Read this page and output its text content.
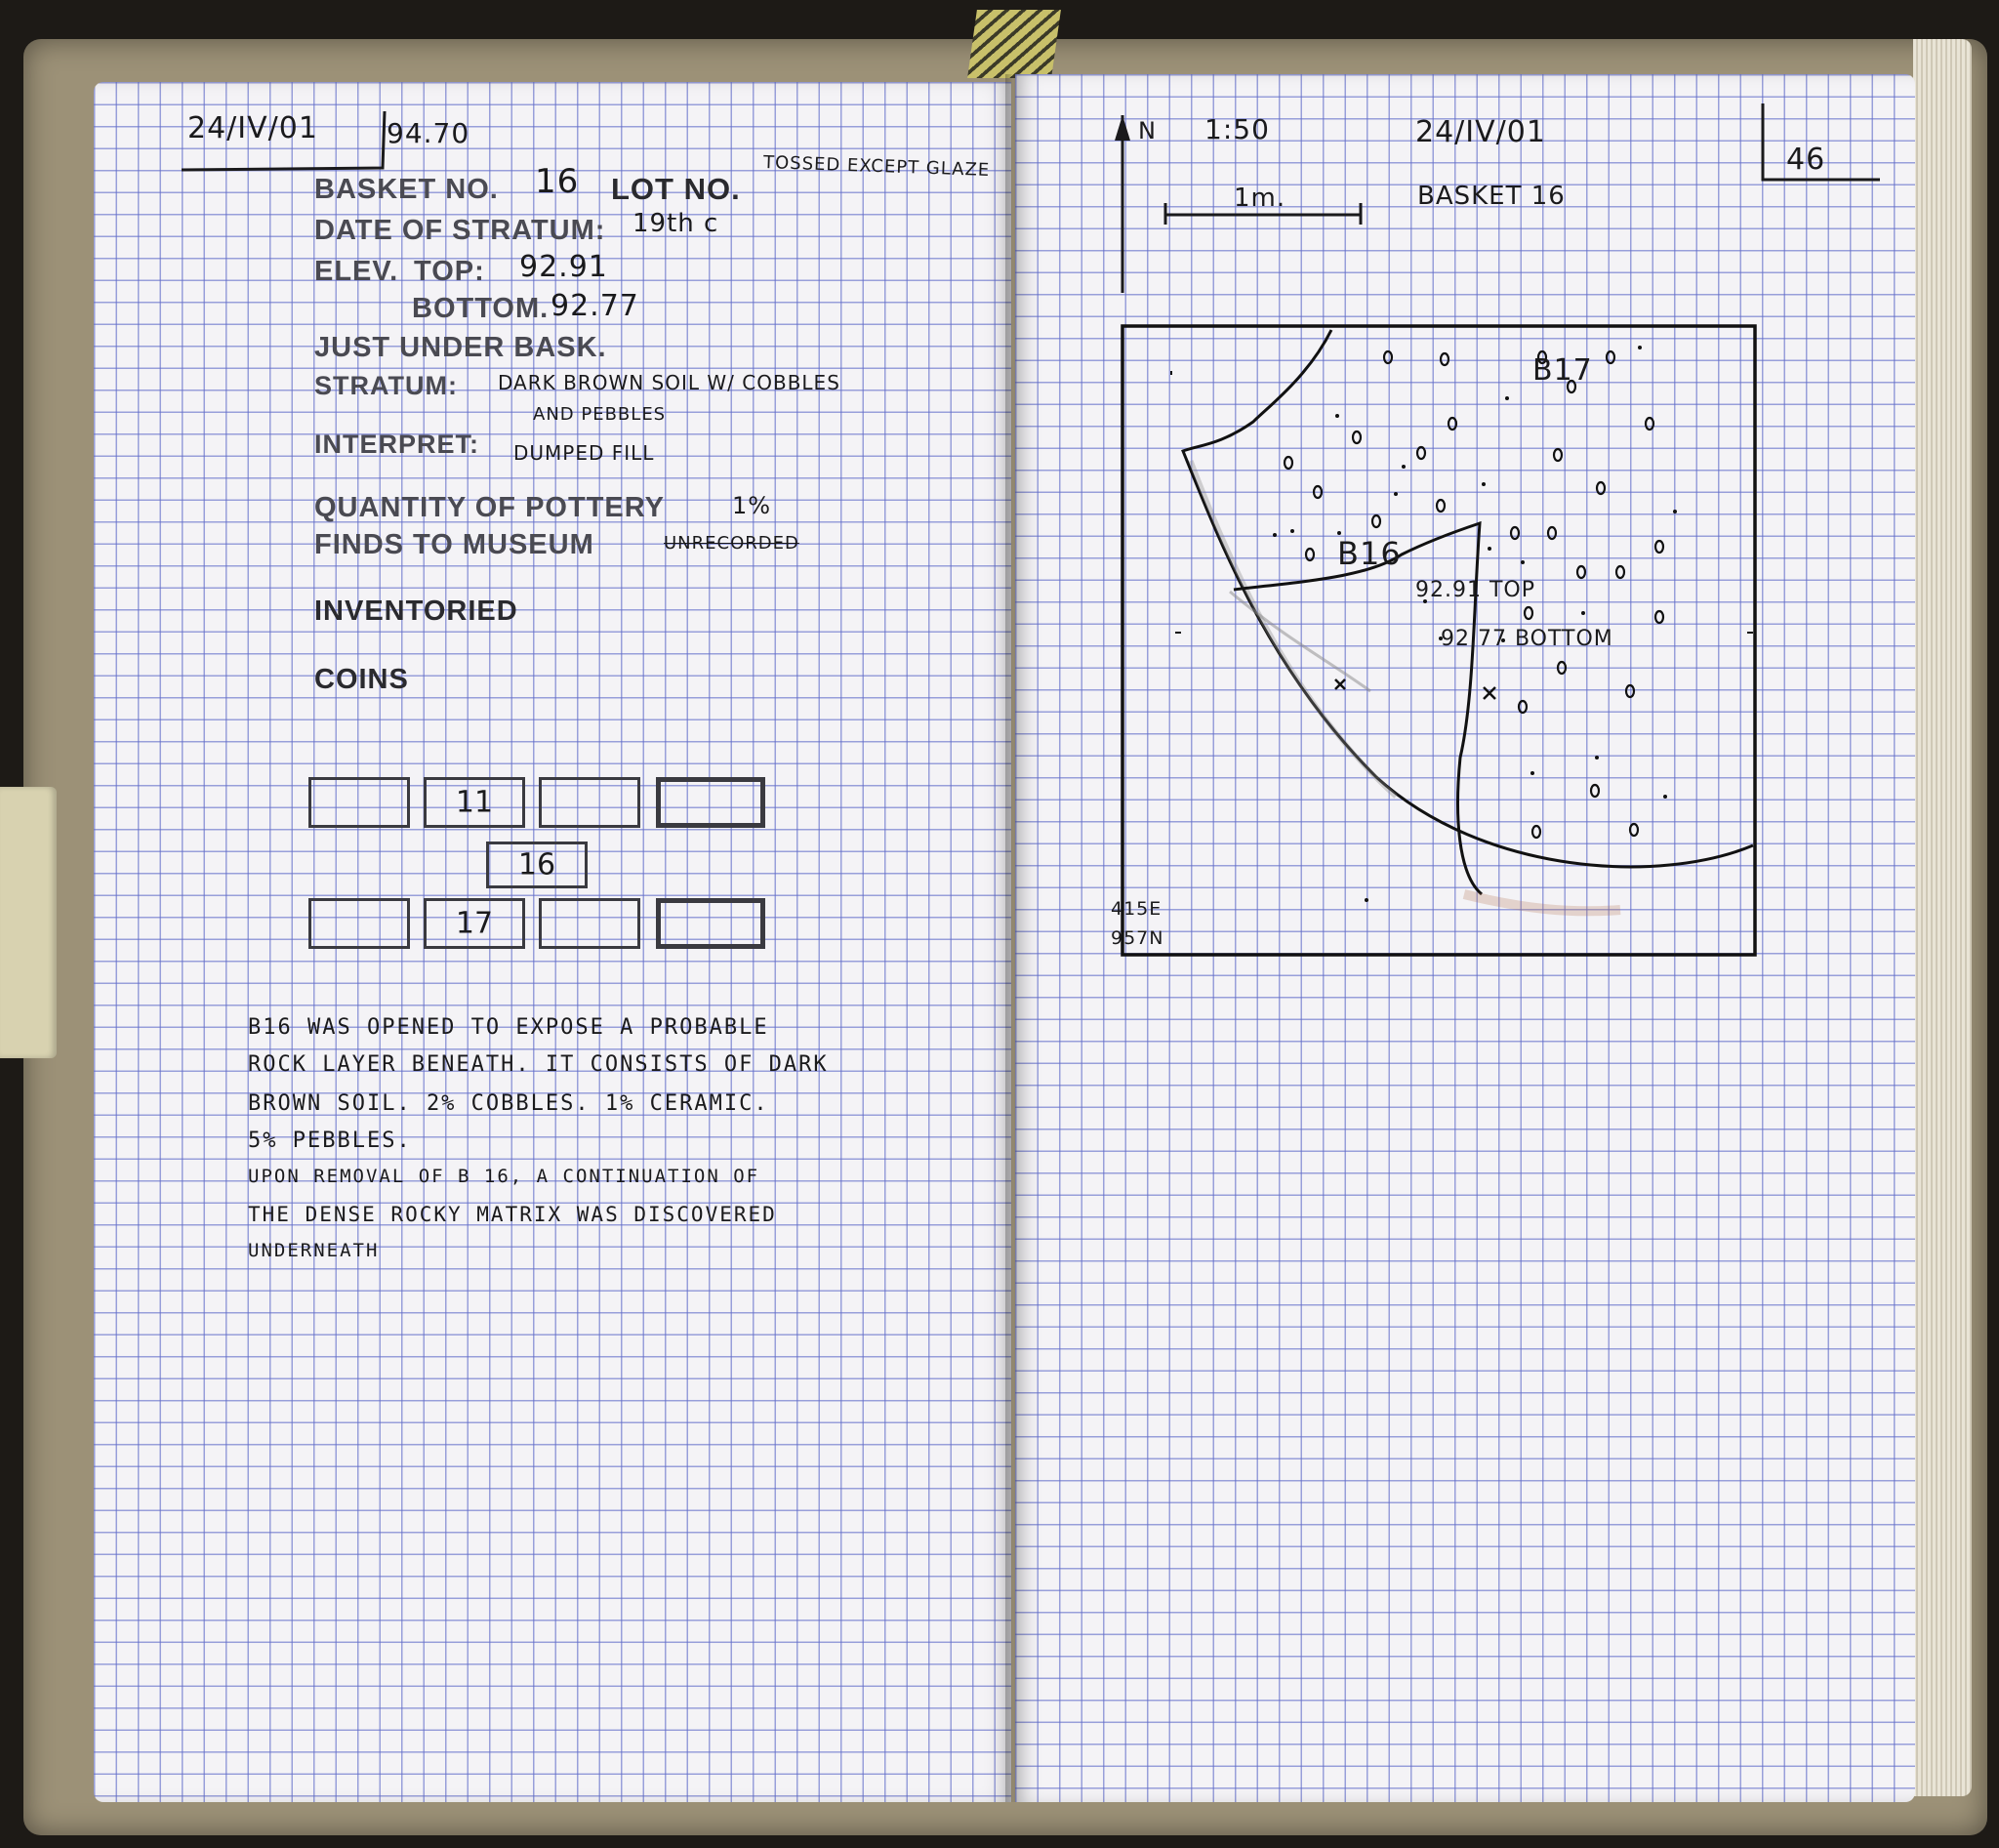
24/IV/01	94.70
BASKET NO. 16 LOT NO.
TOSSED EXCEPT GLAZE
DATE OF STRATUM: 19th c
ELEV. TOP: 92.91
BOTTOM. 92.77
JUST UNDER BASK.
STRATUM: DARK BROWN SOIL W/ COBBLES
AND PEBBLES
INTERPRET: DUMPED FILL
QUANTITY OF POTTERY	1%
FINDS TO MUSEUM	UNRECORDED
INVENTORIED
COINS
11
16
17
B16 WAS OPENED TO EXPOSE A PROBABLE
ROCK LAYER BENEATH. IT CONSISTS OF DARK
BROWN SOIL. 2% COBBLES. 1% CERAMIC.
5% PEBBLES.
UPON REMOVAL OF B 16, A CONTINUATION OF
THE DENSE ROCKY MATRIX WAS DISCOVERED
UNDERNEATH
N 1:50	24/IV/01
46
1m.	BASKET 16
B17
B16
92.91 TOP
92.77 BOTTOM
415E
957N
